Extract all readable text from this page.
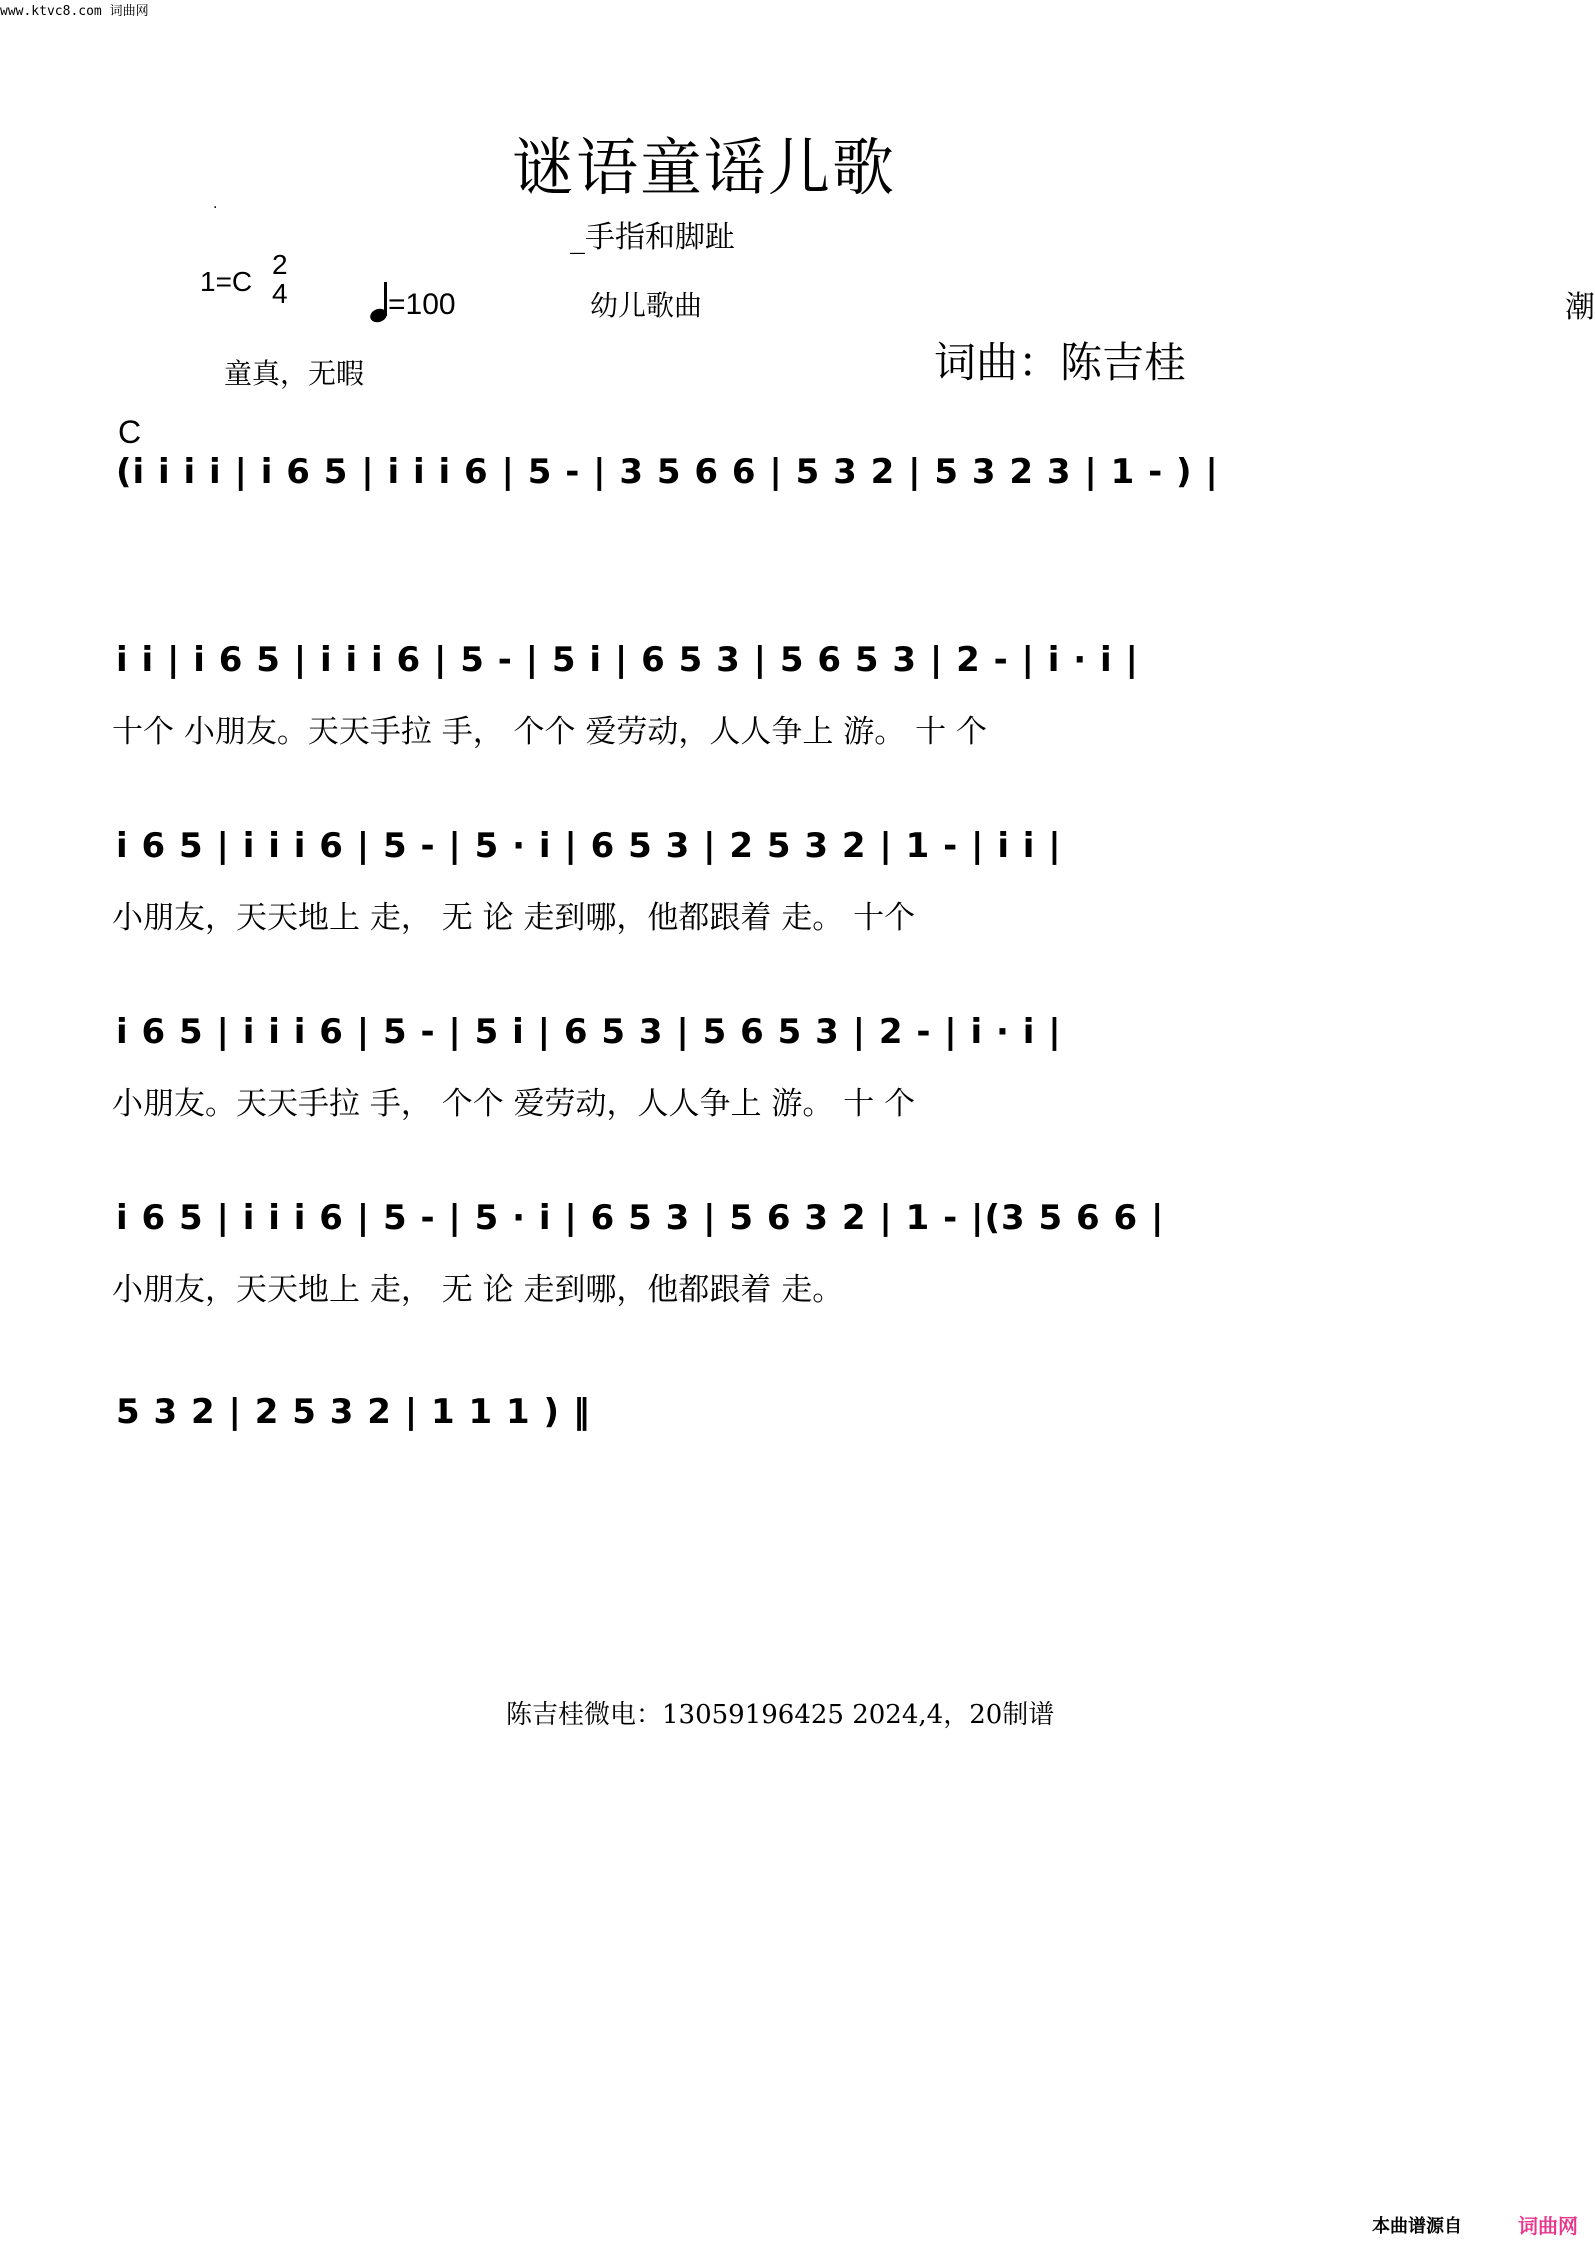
www.ktvc8.com 词曲网
谜语童谣儿歌
·
_手指和脚趾
1=C
2
4	=100	幼儿歌曲	潮
童真，无暇	词曲：陈吉桂
C
(i i i i | i 6 5 | i i i 6 | 5 - | 3 5 6 6 | 5 3 2 | 5 3 2 3 | 1 - ) |
i i | i 6 5 | i i i 6 | 5 - | 5 i | 6 5 3 | 5 6 5 3 | 2 - | i · i |
十个 小朋友。天天手拉 手， 个个 爱劳动，人人争上 游。 十 个
i 6 5 | i i i 6 | 5 - | 5 · i | 6 5 3 | 2 5 3 2 | 1 - | i i |
小朋友，天天地上 走， 无 论 走到哪，他都跟着 走。 十个
i 6 5 | i i i 6 | 5 - | 5 i | 6 5 3 | 5 6 5 3 | 2 - | i · i |
小朋友。天天手拉 手， 个个 爱劳动，人人争上 游。 十 个
i 6 5 | i i i 6 | 5 - | 5 · i | 6 5 3 | 5 6 3 2 | 1 - |(3 5 6 6 |
小朋友，天天地上 走， 无 论 走到哪，他都跟着 走。
5 3 2 | 2 5 3 2 | 1 1 1 ) ‖
陈吉桂微电：13059196425 2024,4，20制谱
本曲谱源自	词曲网
